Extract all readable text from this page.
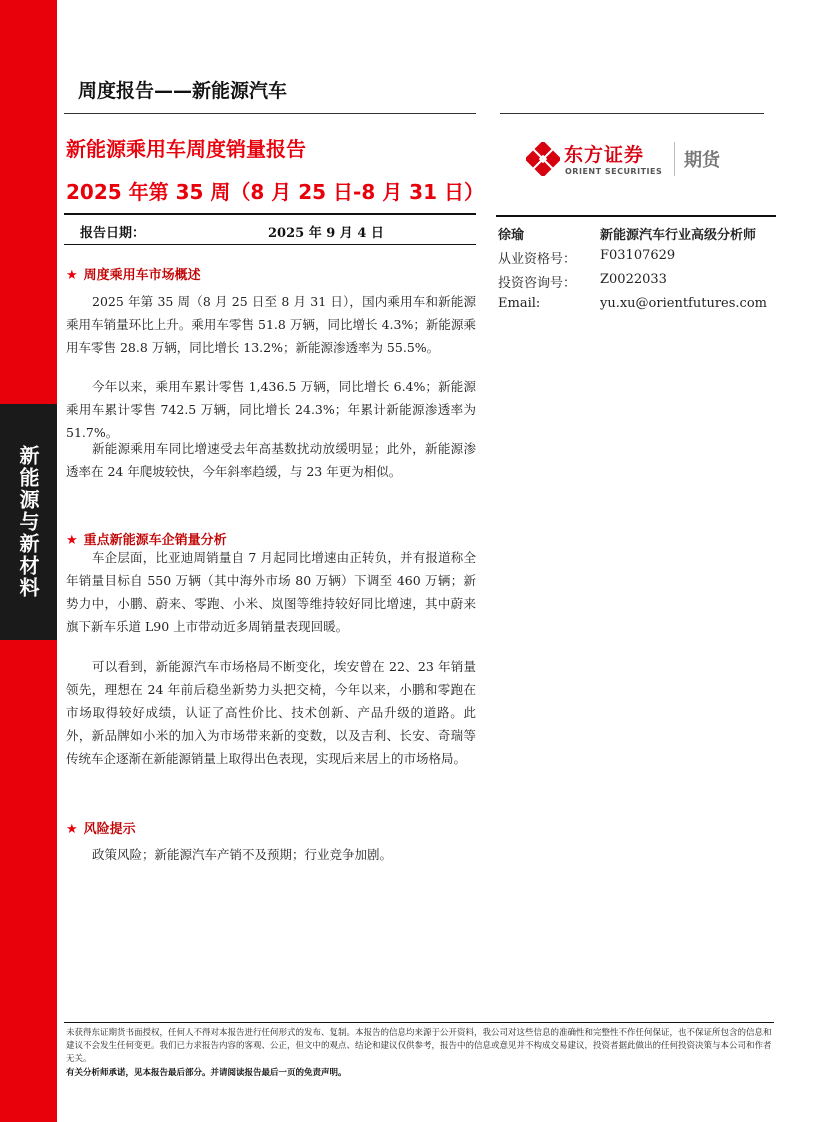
新能源与新材料
周度报告——新能源汽车
新能源乘用车周度销量报告
2025 年第 35 周（8 月 25 日-8 月 31 日）
报告日期：	2025 年 9 月 4 日
东方证券
ORIENT SECURITIES
期货
徐瑜	新能源汽车行业高级分析师
从业资格号： F03107629
投资咨询号： Z0022033
Email:	yu.xu@orientfutures.com
★ 周度乘用车市场概述

2025 年第 35 周（8 月 25 日至 8 月 31 日），国内乘用车和新能源乘用车销量环比上升。乘用车零售 51.8 万辆，同比增长 4.3%；新能源乘用车零售 28.8 万辆，同比增长 13.2%；新能源渗透率为 55.5%。

今年以来，乘用车累计零售 1,436.5 万辆，同比增长 6.4%；新能源乘用车累计零售 742.5 万辆，同比增长 24.3%；年累计新能源渗透率为 51.7%。

新能源乘用车同比增速受去年高基数扰动放缓明显；此外，新能源渗透率在 24 年爬坡较快，今年斜率趋缓，与 23 年更为相似。

★ 重点新能源车企销量分析

车企层面，比亚迪周销量自 7 月起同比增速由正转负，并有报道称全年销量目标自 550 万辆（其中海外市场 80 万辆）下调至 460 万辆；新势力中，小鹏、蔚来、零跑、小米、岚图等维持较好同比增速，其中蔚来旗下新车乐道 L90 上市带动近多周销量表现回暖。

可以看到，新能源汽车市场格局不断变化，埃安曾在 22、23 年销量领先，理想在 24 年前后稳坐新势力头把交椅，今年以来，小鹏和零跑在市场取得较好成绩，认证了高性价比、技术创新、产品升级的道路。此外，新品牌如小米的加入为市场带来新的变数，以及吉利、长安、奇瑞等传统车企逐渐在新能源销量上取得出色表现，实现后来居上的市场格局。

★ 风险提示

政策风险；新能源汽车产销不及预期；行业竞争加剧。

未获得东证期货书面授权，任何人不得对本报告进行任何形式的发布、复制。本报告的信息均来源于公开资料，我公司对这些信息的准确性和完整性不作任何保证，也不保证所包含的信息和建议不会发生任何变更。我们已力求报告内容的客观、公正，但文中的观点、结论和建议仅供参考，报告中的信息或意见并不构成交易建议，投资者据此做出的任何投资决策与本公司和作者无关。

有关分析师承诺，见本报告最后部分。并请阅读报告最后一页的免责声明。
